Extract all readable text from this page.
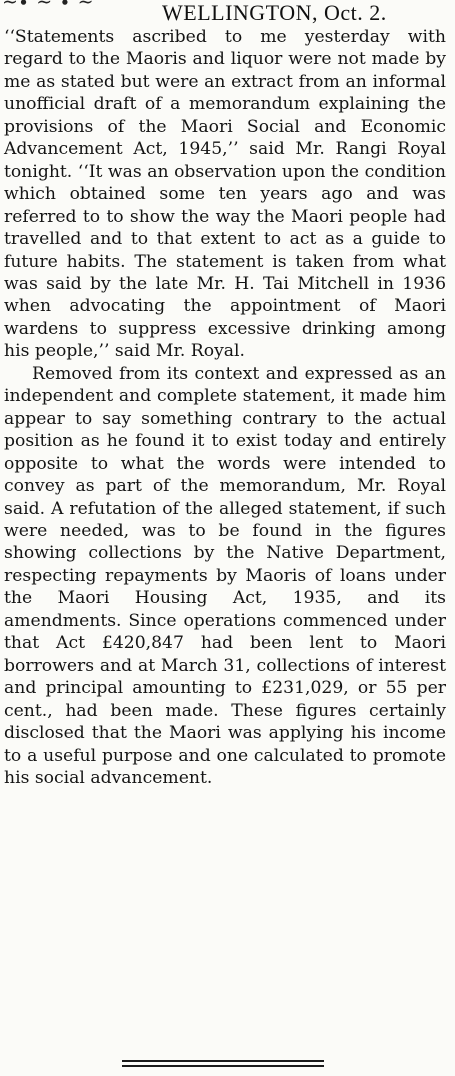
∼∙ ∼ ∙ ∼	WELLINGTON, Oct. 2.

‘‘Statements ascribed to me yesterday with regard to the Maoris and liquor were not made by me as stated but were an extract from an informal unofficial draft of a memorandum explaining the provisions of the Maori Social and Economic Advancement Act, 1945,’’ said Mr. Rangi Royal tonight. ‘‘It was an observation upon the condition which obtained some ten years ago and was referred to to show the way the Maori people had travelled and to that extent to act as a guide to future habits. The statement is taken from what was said by the late Mr. H. Tai Mitchell in 1936 when advocating the appointment of Maori wardens to suppress excessive drinking among his people,’’ said Mr. Royal.

Removed from its context and expressed as an independent and complete statement, it made him appear to say something contrary to the actual position as he found it to exist today and entirely opposite to what the words were intended to convey as part of the memorandum, Mr. Royal said. A refutation of the alleged statement, if such were needed, was to be found in the figures showing collections by the Native Department, respecting repayments by Maoris of loans under the Maori Housing Act, 1935, and its amendments. Since operations commenced under that Act £420,847 had been lent to Maori borrowers and at March 31, collections of interest and principal amounting to £231,029, or 55 per cent., had been made. These figures certainly disclosed that the Maori was applying his income to a useful purpose and one calculated to promote his social advancement.
